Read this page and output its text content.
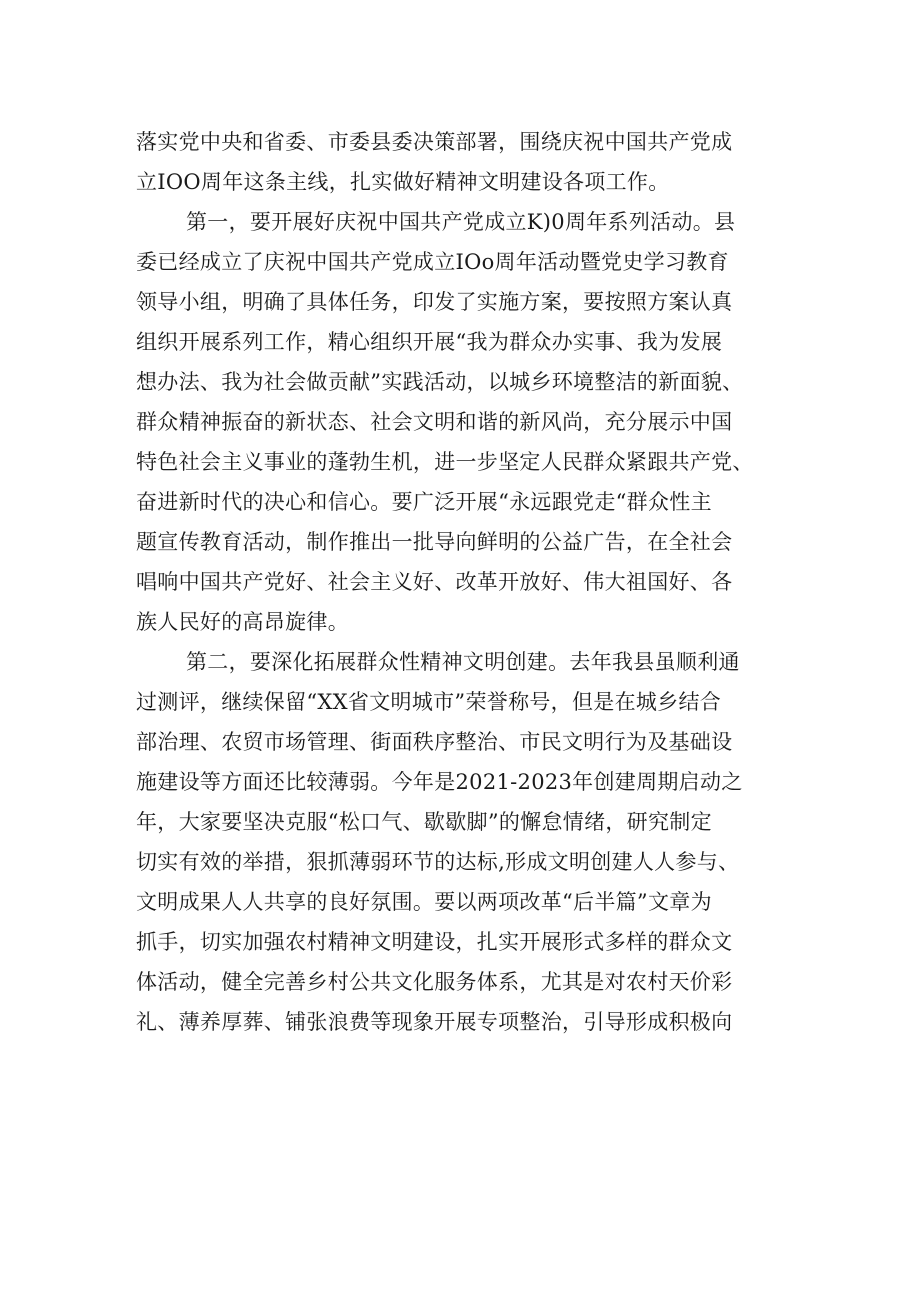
落实党中央和省委、市委县委决策部署，围绕庆祝中国共产党成
立IOO周年这条主线，扎实做好精神文明建设各项工作。
第一，要开展好庆祝中国共产党成立K)0周年系列活动。县
委已经成立了庆祝中国共产党成立IOo周年活动暨党史学习教育
领导小组，明确了具体任务，印发了实施方案，要按照方案认真
组织开展系列工作，精心组织开展“我为群众办实事、我为发展
想办法、我为社会做贡献”实践活动，以城乡环境整洁的新面貌、
群众精神振奋的新状态、社会文明和谐的新风尚，充分展示中国
特色社会主义事业的蓬勃生机，进一步坚定人民群众紧跟共产党、
奋进新时代的决心和信心。要广泛开展“永远跟党走“群众性主
题宣传教育活动，制作推出一批导向鲜明的公益广告，在全社会
唱响中国共产党好、社会主义好、改革开放好、伟大祖国好、各
族人民好的高昂旋律。
第二，要深化拓展群众性精神文明创建。去年我县虽顺利通
过测评，继续保留“XX省文明城市”荣誉称号，但是在城乡结合
部治理、农贸市场管理、街面秩序整治、市民文明行为及基础设
施建设等方面还比较薄弱。今年是2021-2023年创建周期启动之
年，大家要坚决克服“松口气、歇歇脚”的懈怠情绪，研究制定
切实有效的举措，狠抓薄弱环节的达标,形成文明创建人人参与、
文明成果人人共享的良好氛围。要以两项改革“后半篇”文章为
抓手，切实加强农村精神文明建设，扎实开展形式多样的群众文
体活动，健全完善乡村公共文化服务体系，尤其是对农村天价彩
礼、薄养厚葬、铺张浪费等现象开展专项整治，引导形成积极向
